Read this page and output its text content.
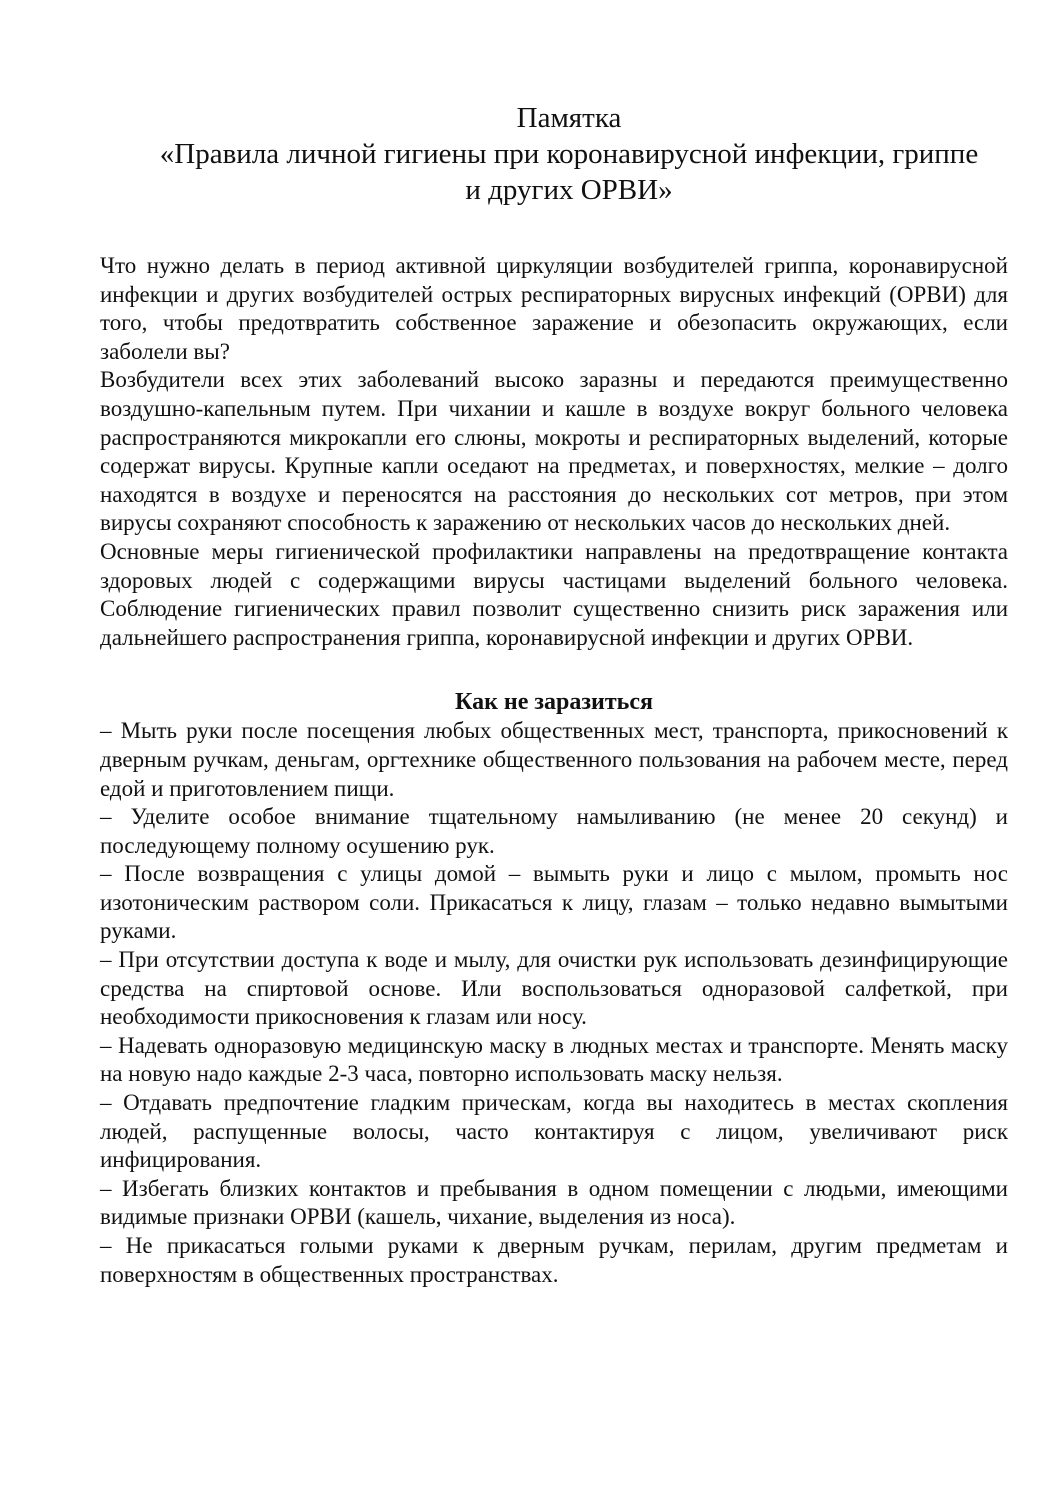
Памятка
«Правила личной гигиены при коронавирусной инфекции, гриппе
и других ОРВИ»

Что нужно делать в период активной циркуляции возбудителей гриппа, коронавирусной инфекции и других возбудителей острых респираторных вирусных инфекций (ОРВИ) для того, чтобы предотвратить собственное заражение и обезопасить окружающих, если заболели вы?

Возбудители всех этих заболеваний высоко заразны и передаются преимущественно воздушно-капельным путем. При чихании и кашле в воздухе вокруг больного человека распространяются микрокапли его слюны, мокроты и респираторных выделений, которые содержат вирусы. Крупные капли оседают на предметах, и поверхностях, мелкие – долго находятся в воздухе и переносятся на расстояния до нескольких сот метров, при этом вирусы сохраняют способность к заражению от нескольких часов до нескольких дней.

Основные меры гигиенической профилактики направлены на предотвращение контакта здоровых людей с содержащими вирусы частицами выделений больного человека. Соблюдение гигиенических правил позволит существенно снизить риск заражения или дальнейшего распространения гриппа, коронавирусной инфекции и других ОРВИ.

Как не заразиться

– Мыть руки после посещения любых общественных мест, транспорта, прикосновений к дверным ручкам, деньгам, оргтехнике общественного пользования на рабочем месте, перед едой и приготовлением пищи.

– Уделите особое внимание тщательному намыливанию (не менее 20 секунд) и последующему полному осушению рук.

– После возвращения с улицы домой – вымыть руки и лицо с мылом, промыть нос изотоническим раствором соли. Прикасаться к лицу, глазам – только недавно вымытыми руками.

– При отсутствии доступа к воде и мылу, для очистки рук использовать дезинфицирующие средства на спиртовой основе. Или воспользоваться одноразовой салфеткой, при необходимости прикосновения к глазам или носу.

– Надевать одноразовую медицинскую маску в людных местах и транспорте. Менять маску на новую надо каждые 2-3 часа, повторно использовать маску нельзя.

– Отдавать предпочтение гладким прическам, когда вы находитесь в местах скопления людей, распущенные волосы, часто контактируя с лицом, увеличивают риск инфицирования.

– Избегать близких контактов и пребывания в одном помещении с людьми, имеющими видимые признаки ОРВИ (кашель, чихание, выделения из носа).

– Не прикасаться голыми руками к дверным ручкам, перилам, другим предметам и поверхностям в общественных пространствах.
